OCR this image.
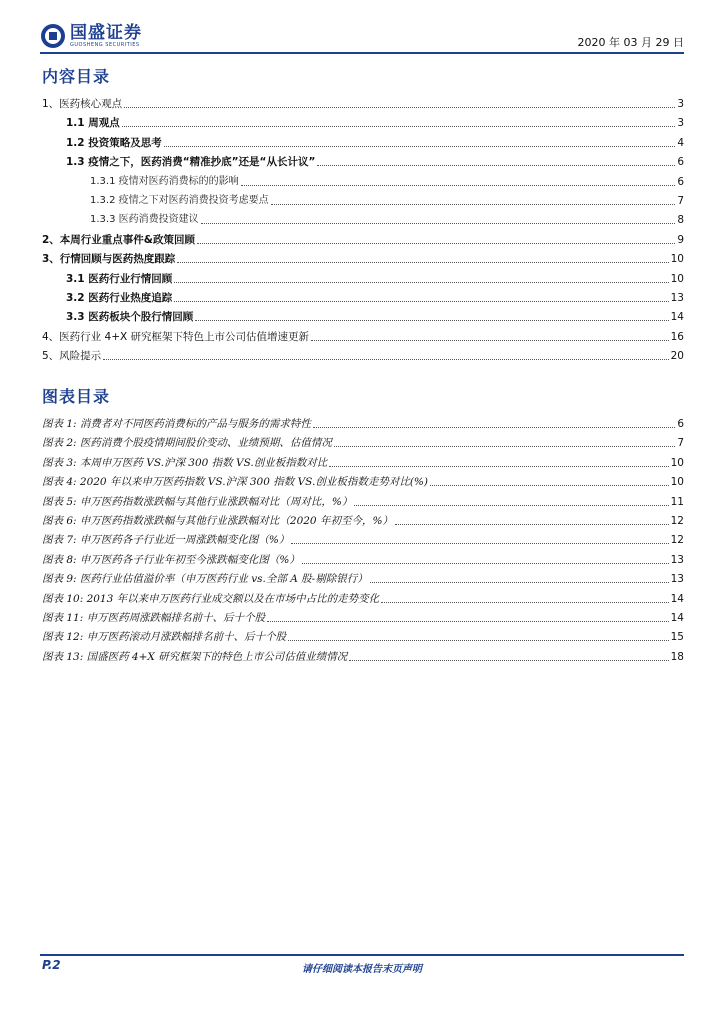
国盛证券
GUOSHENG SECURITIES	2020 年 03 月 29 日
内容目录
1、医药核心观点	3
1.1 周观点	3
1.2 投资策略及思考	4
1.3 疫情之下，医药消费“精准抄底”还是“从长计议”	6
1.3.1 疫情对医药消费标的的影响	6
1.3.2 疫情之下对医药消费投资考虑要点	7
1.3.3 医药消费投资建议	8
2、本周行业重点事件&政策回顾	9
3、行情回顾与医药热度跟踪	10
3.1 医药行业行情回顾	10
3.2 医药行业热度追踪	13
3.3 医药板块个股行情回顾	14
4、医药行业 4+X 研究框架下特色上市公司估值增速更新	16
5、风险提示	20
图表目录
图表 1: 消费者对不同医药消费标的产品与服务的需求特性	6
图表 2: 医药消费个股疫情期间股价变动、业绩预期、估值情况	7
图表 3: 本周申万医药 VS.沪深 300 指数 VS.创业板指数对比	10
图表 4: 2020 年以来申万医药指数 VS.沪深 300 指数 VS.创业板指数走势对比(%)	10
图表 5: 申万医药指数涨跌幅与其他行业涨跌幅对比（周对比，%）	11
图表 6: 申万医药指数涨跌幅与其他行业涨跌幅对比（2020 年初至今，%）	12
图表 7: 申万医药各子行业近一周涨跌幅变化图（%）	12
图表 8: 申万医药各子行业年初至今涨跌幅变化图（%）	13
图表 9: 医药行业估值溢价率（申万医药行业 vs.全部 A 股-剔除银行）	13
图表 10: 2013 年以来申万医药行业成交额以及在市场中占比的走势变化	14
图表 11: 申万医药周涨跌幅排名前十、后十个股	14
图表 12: 申万医药滚动月涨跌幅排名前十、后十个股	15
图表 13: 国盛医药 4+X 研究框架下的特色上市公司估值业绩情况	18
P.2	请仔细阅读本报告末页声明
